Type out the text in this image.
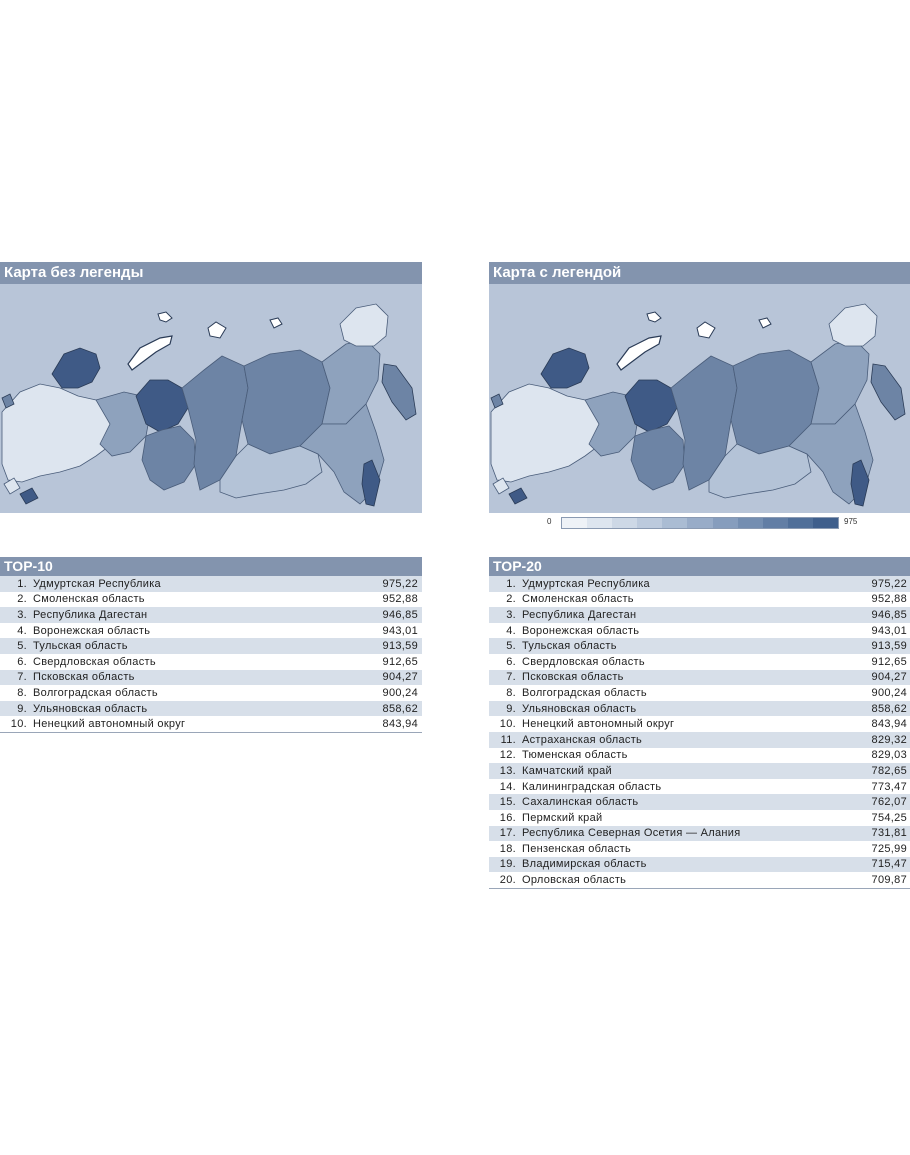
Карта без легенды
TOP-10
1. Удмуртская Республика	975,22
2. Смоленская область	952,88
3. Республика Дагестан	946,85
4. Воронежская область	943,01
5. Тульская область	913,59
6. Свердловская область	912,65
7. Псковская область	904,27
8. Волгоградская область	900,24
9. Ульяновская область	858,62
10. Ненецкий автономный округ	843,94
Карта с легендой
0	975
TOP-20
1. Удмуртская Республика	975,22
2. Смоленская область	952,88
3. Республика Дагестан	946,85
4. Воронежская область	943,01
5. Тульская область	913,59
6. Свердловская область	912,65
7. Псковская область	904,27
8. Волгоградская область	900,24
9. Ульяновская область	858,62
10. Ненецкий автономный округ	843,94
11. Астраханская область	829,32
12. Тюменская область	829,03
13. Камчатский край	782,65
14. Калининградская область	773,47
15. Сахалинская область	762,07
16. Пермский край	754,25
17. Республика Северная Осетия — Алания	731,81
18. Пензенская область	725,99
19. Владимирская область	715,47
20. Орловская область	709,87
